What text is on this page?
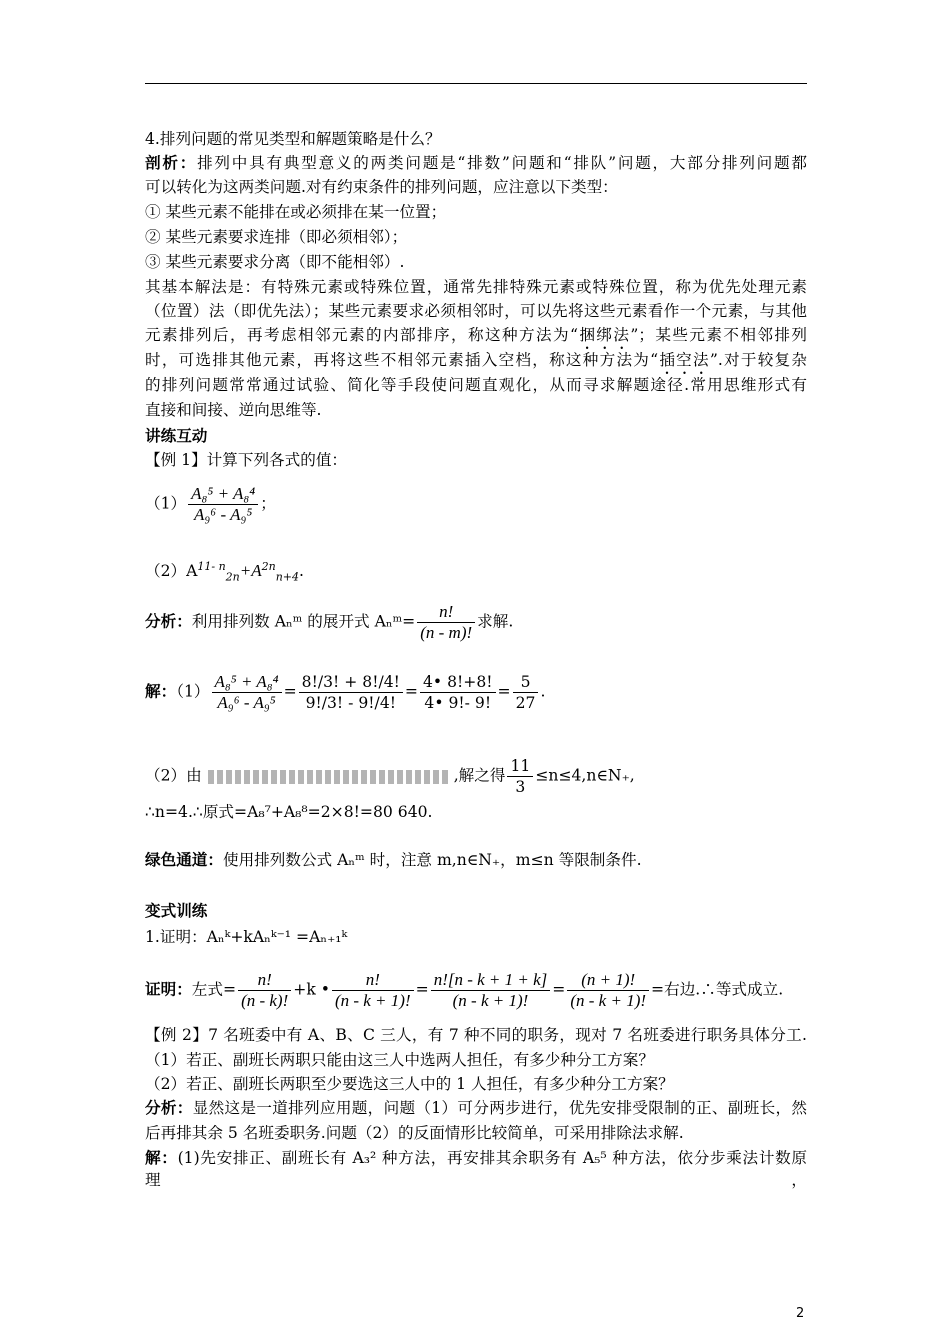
4.排列问题的常见类型和解题策略是什么？
剖析：排列中具有典型意义的两类问题是“排数”问题和“排队”问题，大部分排列问题都
可以转化为这两类问题.对有约束条件的排列问题，应注意以下类型：
① 某些元素不能排在或必须排在某一位置；
② 某些元素要求连排（即必须相邻）；
③ 某些元素要求分离（即不能相邻）.
其基本解法是：有特殊元素或特殊位置，通常先排特殊元素或特殊位置，称为优先处理元素
（位置）法（即优先法）；某些元素要求必须相邻时，可以先将这些元素看作一个元素，与其他
元素排列后，再考虑相邻元素的内部排序，称这种方法为“捆绑法”；某些元素不相邻排列
时，可选排其他元素，再将这些不相邻元素插入空档，称这种方法为“插空法”.对于较复杂
的排列问题常常通过试验、简化等手段使问题直观化，从而寻求解题途径.常用思维形式有
直接和间接、逆向思维等.
讲练互动
【例 1】计算下列各式的值：
$(1) \frac{\text{A₈⁵ + A₈⁴}}{\text{A₉⁶ - A₉⁵}}$ ；
$(2)A^{11- n}_{2n}+A^{2n}_{n+4}$.
分析：利用排列数 Aₙᵐ 的展开式 Aₙᵐ= $\frac{n!}{(n - m)!}$ 求解.
解：$(1) \frac{\text{A₈⁵ + A₈⁴}}{\text{A₉⁶ - A₉⁵}} = \frac{8!/3! + 8!/4!}{9!/3! - 9!/4!} = \frac{4• 8!+8!}{4• 9!- 9!} = \frac{5}{27}$ .
（2）由	,解之得 $\frac{11}{3}$ ≤n≤4,n∈N₊,
∴n=4.∴原式=A₈⁷+A₈⁸=2×8!=80 640.
绿色通道：使用排列数公式 Aₙᵐ 时，注意 m,n∈N₊，m≤n 等限制条件.
变式训练
1.证明：Aₙᵏ+kAₙᵏ⁻¹ =Aₙ₊₁ᵏ
证明：左式= $\frac{n!}{(n - k)!} +k$ • $\frac{n!}{(n - k + 1)!} = \frac{n![n - k + 1 + k]}{(n - k + 1)!} = \frac{(n + 1)!}{(n - k + 1)!}$ =右边.∴等式成立.
【例 2】7 名班委中有 A、B、C 三人，有 7 种不同的职务，现对 7 名班委进行职务具体分工.
（1）若正、副班长两职只能由这三人中选两人担任，有多少种分工方案？
（2）若正、副班长两职至少要选这三人中的 1 人担任，有多少种分工方案？
分析：显然这是一道排列应用题，问题（1）可分两步进行，优先安排受限制的正、副班长，然
后再排其余 5 名班委职务.问题（2）的反面情形比较简单，可采用排除法求解.
解：(1)先安排正、副班长有 A₃² 种方法，再安排其余职务有 A₅⁵ 种方法，依分步乘法计数原理，
2
